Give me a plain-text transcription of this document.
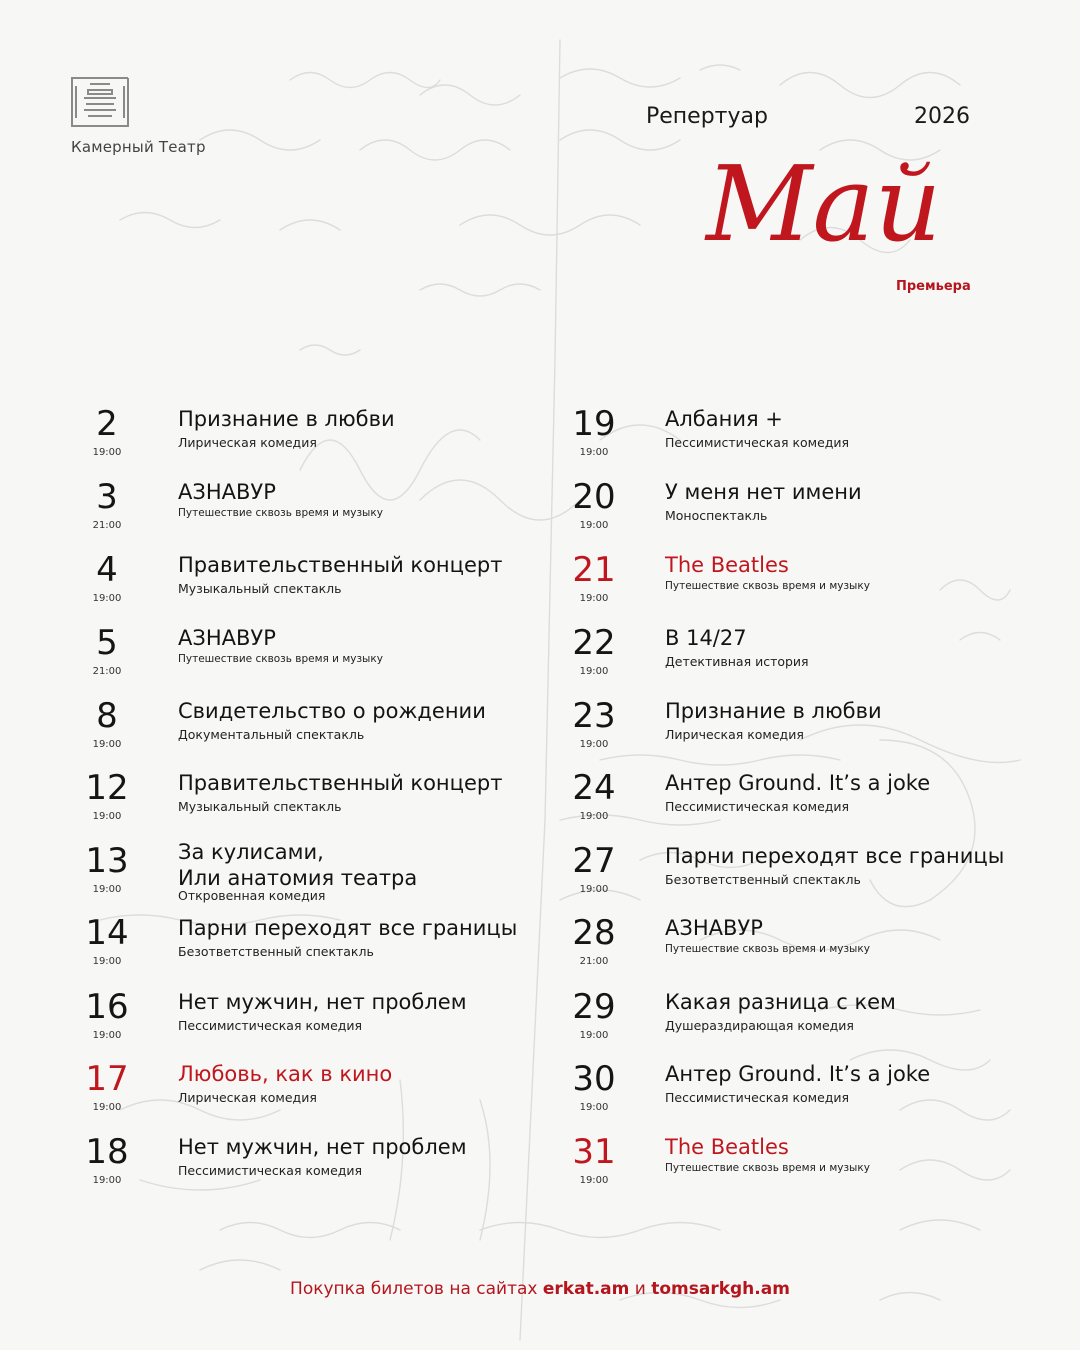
Камерный Театр
Репертуар	2026
Май
Премьера
2
19:00
Признание в любви
Лирическая комедия
3
21:00
АЗНАВУР
Путешествие сквозь время и музыку
4
19:00
Правительственный концерт
Музыкальный спектакль
5
21:00
АЗНАВУР
Путешествие сквозь время и музыку
8
19:00
Свидетельство о рождении
Документальный спектакль
12
19:00
Правительственный концерт
Музыкальный спектакль
13
19:00
За кулисами,
Или анатомия театра
Откровенная комедия
14
19:00
Парни переходят все границы
Безответственный спектакль
16
19:00
Нет мужчин, нет проблем
Пессимистическая комедия
17
19:00
Любовь, как в кино
Лирическая комедия
18
19:00
Нет мужчин, нет проблем
Пессимистическая комедия
19
19:00
Албания +
Пессимистическая комедия
20
19:00
У меня нет имени
Моноспектакль
21
19:00
The Beatles
Путешествие сквозь время и музыку
22
19:00
В 14/27
Детективная история
23
19:00
Признание в любви
Лирическая комедия
24
19:00
Антер Ground. It’s a joke
Пессимистическая комедия
27
19:00
Парни переходят все границы
Безответственный спектакль
28
21:00
АЗНАВУР
Путешествие сквозь время и музыку
29
19:00
Какая разница с кем
Душераздирающая комедия
30
19:00
Антер Ground. It’s a joke
Пессимистическая комедия
31
19:00
The Beatles
Путешествие сквозь время и музыку
Покупка билетов на сайтах erkat.am и tomsarkgh.am
